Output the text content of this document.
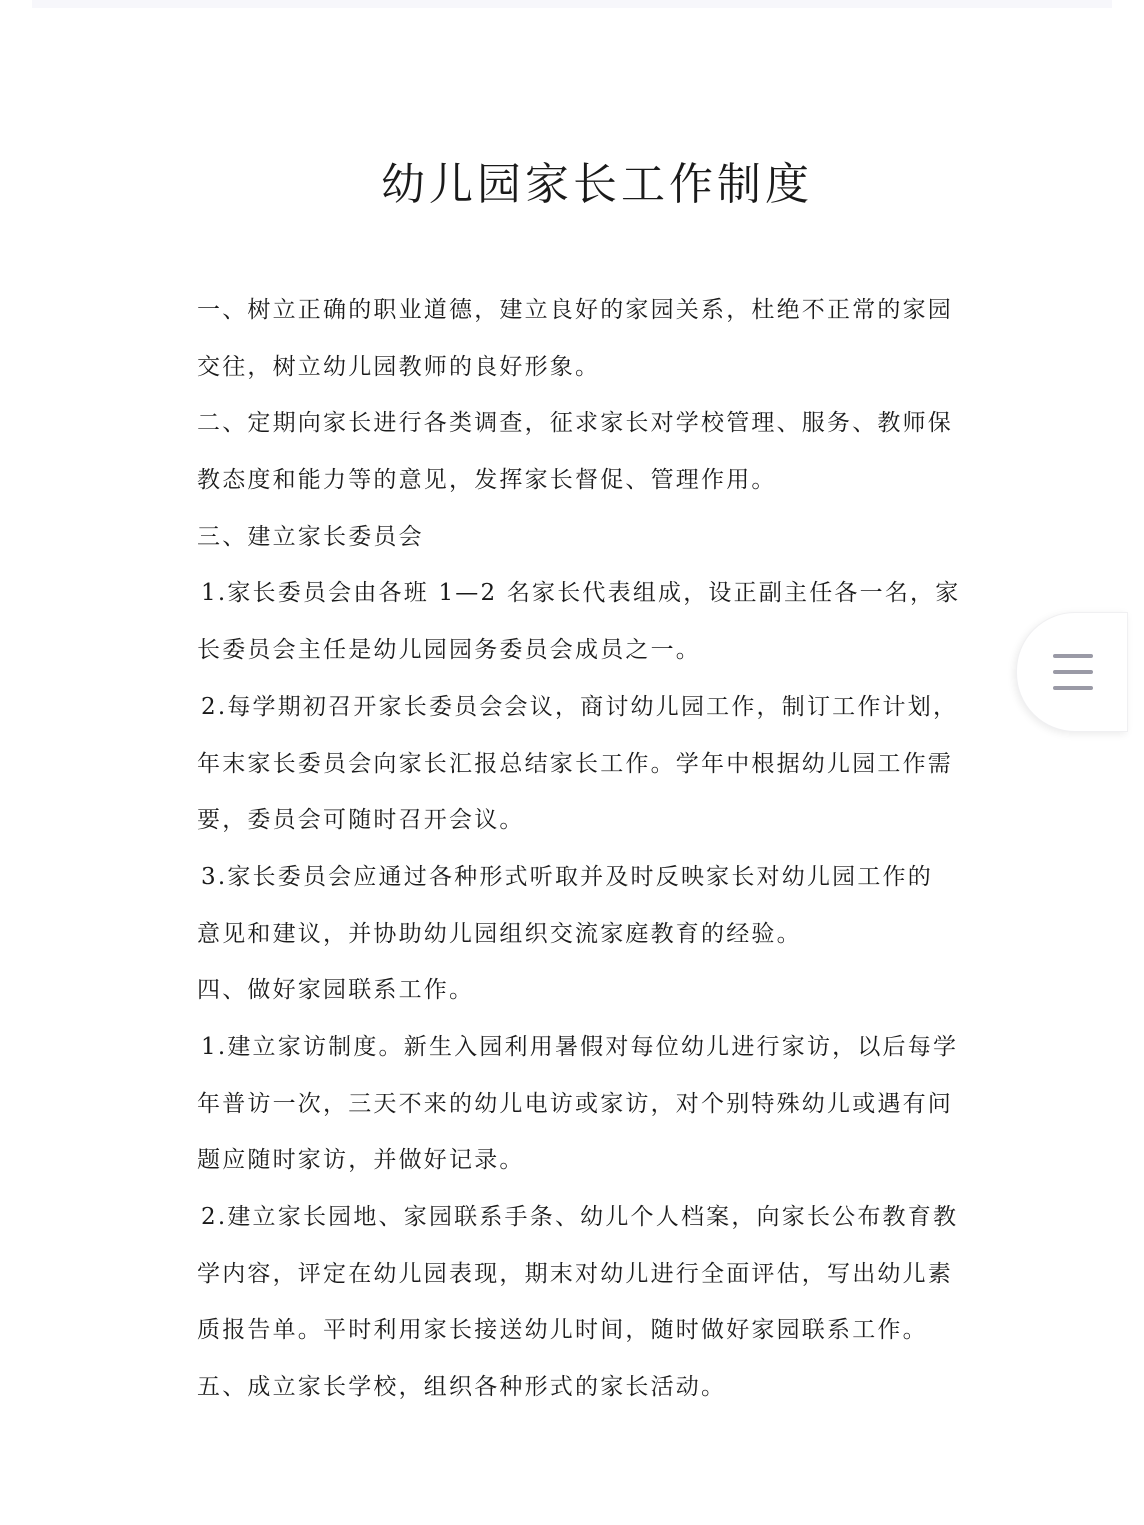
幼儿园家长工作制度
一、树立正确的职业道德，建立良好的家园关系，杜绝不正常的家园
交往，树立幼儿园教师的良好形象。
二、定期向家长进行各类调查，征求家长对学校管理、服务、教师保
教态度和能力等的意见，发挥家长督促、管理作用。
三、建立家长委员会
1.家长委员会由各班 1—2 名家长代表组成，设正副主任各一名，家
长委员会主任是幼儿园园务委员会成员之一。
2.每学期初召开家长委员会会议，商讨幼儿园工作，制订工作计划，
年末家长委员会向家长汇报总结家长工作。学年中根据幼儿园工作需
要，委员会可随时召开会议。
3.家长委员会应通过各种形式听取并及时反映家长对幼儿园工作的
意见和建议，并协助幼儿园组织交流家庭教育的经验。
四、做好家园联系工作。
1.建立家访制度。新生入园利用暑假对每位幼儿进行家访，以后每学
年普访一次，三天不来的幼儿电访或家访，对个别特殊幼儿或遇有问
题应随时家访，并做好记录。
2.建立家长园地、家园联系手条、幼儿个人档案，向家长公布教育教
学内容，评定在幼儿园表现，期末对幼儿进行全面评估，写出幼儿素
质报告单。平时利用家长接送幼儿时间，随时做好家园联系工作。
五、成立家长学校，组织各种形式的家长活动。
